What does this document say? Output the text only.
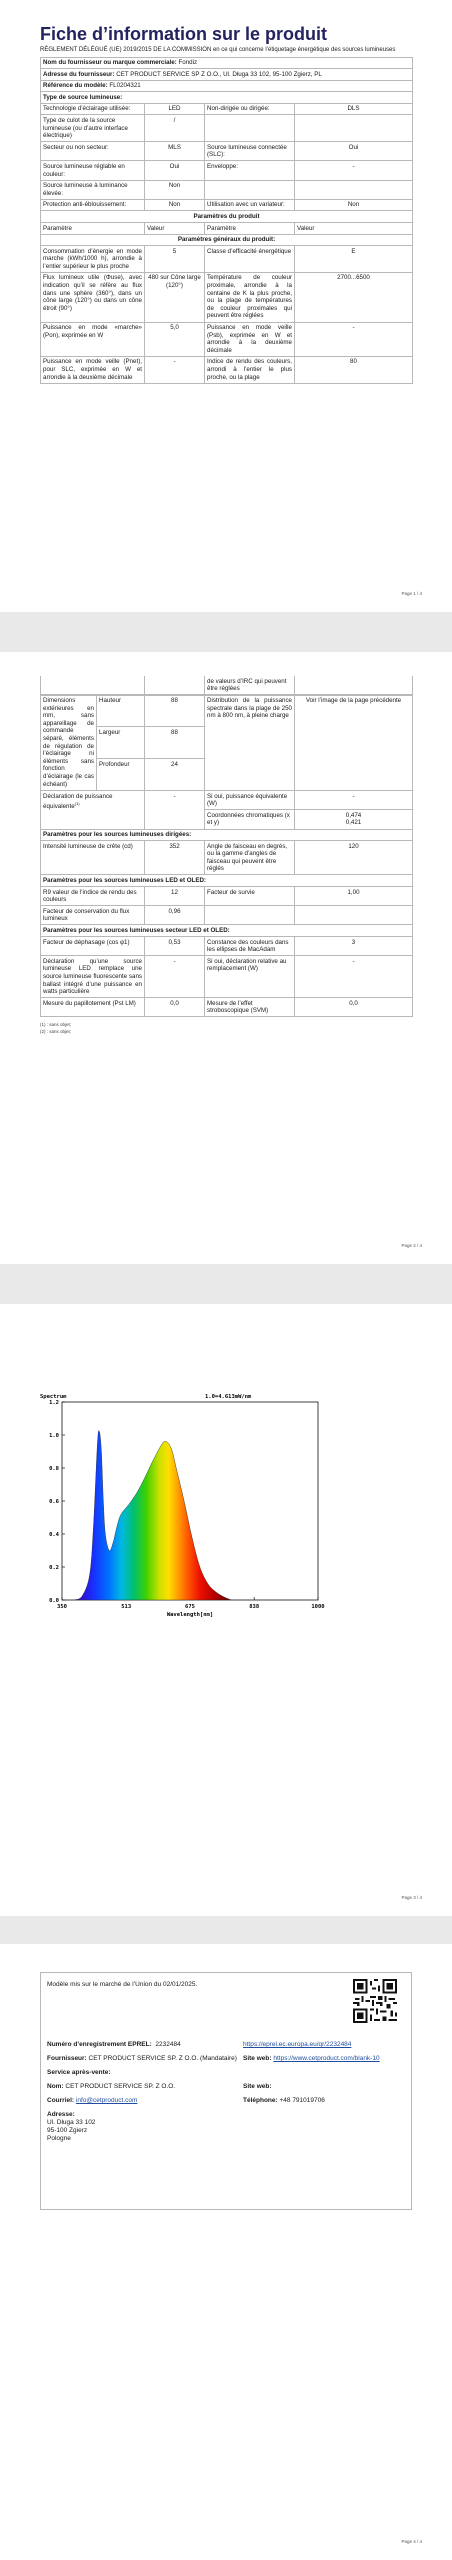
Fiche d’information sur le produit
RÈGLEMENT DÉLÉGUÉ (UE) 2019/2015 DE LA COMMISSION en ce qui concerne l’étiquetage énergétique des sources lumineuses
Nom du fournisseur ou marque commerciale: Fondiz			
Adresse du fournisseur: CET PRODUCT SERVICE SP Z O.O., Ul. Długa 33 102, 95-100 Zgierz, PL			
Référence du modèle: FL0204321			
Type de source lumineuse:			
Technologie d’éclairage utilisée:	LED	Non-dirigée ou dirigée:	DLS
Type de culot de la source lumineuse (ou d’autre interface électrique)	/		
Secteur ou non secteur:	MLS	Source lumineuse connectée (SLC):	Oui
Source lumineuse réglable en couleur:	Oui	Enveloppe:	-
Source lumineuse à luminance élevée:	Non		
Protection anti-éblouissement:	Non	Utilisation avec un variateur:	Non
Paramètres du produit			
Paramètre	Valeur	Paramètre	Valeur
Paramètres généraux du produit:			
Consommation d’énergie en mode marche (kWh/1000 h), arrondie à l’entier supérieur le plus proche	5	Classe d’efficacité énergétique	E
Flux lumineux utile (Φuse), avec indication qu’il se réfère au flux dans une sphère (360°), dans un cône large (120°) ou dans un cône étroit (90°)	480 sur Cône large (120°)	Température de couleur proximale, arrondie à la centaine de K la plus proche, ou la plage de températures de couleur proximales qui peuvent être réglées	2700...6500
Puissance en mode «marche» (Pon), exprimée en W	5,0	Puissance en mode veille (Psb), exprimée en W et arrondie à la deuxième décimale	-
Puissance en mode veille (Pnet), pour SLC, exprimée en W et arrondie à la deuxième décimale	-	Indice de rendu des couleurs, arrondi à l’entier le plus proche, ou la plage	80
Page 1 / 4
		de valeurs d’IRC qui peuvent être réglées	
Dimensions extérieures en mm, sans appareillage de commande séparé, éléments de régulation de l’éclairage ni éléments sans fonction d’éclairage (le cas échéant)	Hauteur	88	Distribution de la puissance spectrale dans la plage de 250 nm à 800 nm, à pleine charge	Voir l’image de la page précédente
	Largeur	88		
	Profondeur	24		
Déclaration de puissance équivalente$^{(1)}$	-	Si oui, puissance équivalente (W)	-
		Coordonnées chromatiques (x et y)	0,474
0,421

Paramètres pour les sources lumineuses dirigées:			
Intensité lumineuse de crête (cd)	352	Angle de faisceau en degrés, ou la gamme d’angles de faisceau qui peuvent être réglés	120
Paramètres pour les sources lumineuses LED et OLED:			
R9 valeur de l’indice de rendu des couleurs	12	Facteur de survie	1,00
Facteur de conservation du flux lumineux	0,96		
Paramètres pour les sources lumineuses secteur LED et OLED:			
Facteur de déphasage (cos φ1)	0,53	Constance des couleurs dans les ellipses de MacAdam	3
Déclaration qu’une source lumineuse LED remplace une source lumineuse fluorescente sans ballast intégré d’une puissance en watts particulière	-	Si oui, déclaration relative au remplacement (W)	-
Mesure du papillotement (Pst LM)	0,0	Mesure de l’effet stroboscopique (SVM)	0,0
(1) : sans objet;
(2) : sans objet;
Page 2 / 4
Spectrum	1.0=4.613mW/nm
0.0
0.2
0.4
0.6
0.8
1.0
1.2
350	513	675	838	1000
Wavelength[nm]
Page 3 / 4
Modèle mis sur le marché de l’Union du 02/01/2025.
Numéro d’enregistrement EPREL: 2232484	https://eprel.ec.europa.eu/qr/2232484
Fournisseur: CET PRODUCT SERVICE SP. Z O.O. (Mandataire) Site web: https://www.cetproduct.com/blank-10
Service après-vente:
Nom: CET PRODUCT SERVICE SP. Z O.O.	Site web:
Courriel: info@cetproduct.com	Téléphone: +48 791019706
Adresse:
Ul. Długa 33 102
95-100 Zgierz
Pologne
Page 4 / 4
